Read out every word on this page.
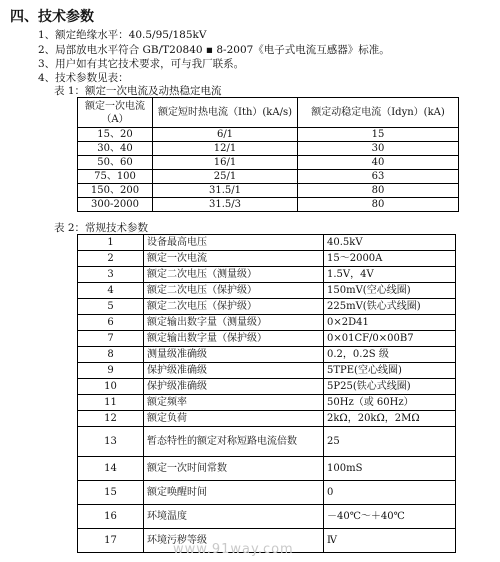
四、技术参数
1、额定绝缘水平：40.5/95/185kV
2、局部放电水平符合 GB/T20840 ▪ 8-2007《电子式电流互感器》标准。
3、用户如有其它技术要求，可与我厂联系。
4、技术参数见表：
表 1：额定一次电流及动热稳定电流
额定一次电流（A）	额定短时热电流（Ith）(kA/s)	额定动稳定电流（Idyn）(kA)
15、20	6/1	15
30、40	12/1	30
50、60	16/1	40
75、100	25/1	63
150、200	31.5/1	80
300-2000	31.5/3	80
表 2：常规技术参数
1	设备最高电压	40.5kV
2	额定一次电流	15～2000A
3	额定二次电压（测量级）	1.5V，4V
4	额定二次电压（保护级）	150mV(空心线圈)
5	额定二次电压（保护级）	225mV(铁心式线圈)
6	额定输出数字量（测量级）	0×2D41
7	额定输出数字量（保护级）	0×01CF/0×00B7
8	测量级准确级	0.2，0.2S 级
9	保护级准确级	5TPE(空心线圈)
10	保护级准确级	5P25(铁心式线圈)
11	额定频率	50Hz（或 60Hz）
12	额定负荷	2kΩ，20kΩ，2MΩ
13	暂态特性的额定对称短路电流倍数	25
14	额定一次时间常数	100mS
15	额定唤醒时间	0
16	环境温度	－40℃～＋40℃
17	环境污秽等级	Ⅳ
www.91way.com
